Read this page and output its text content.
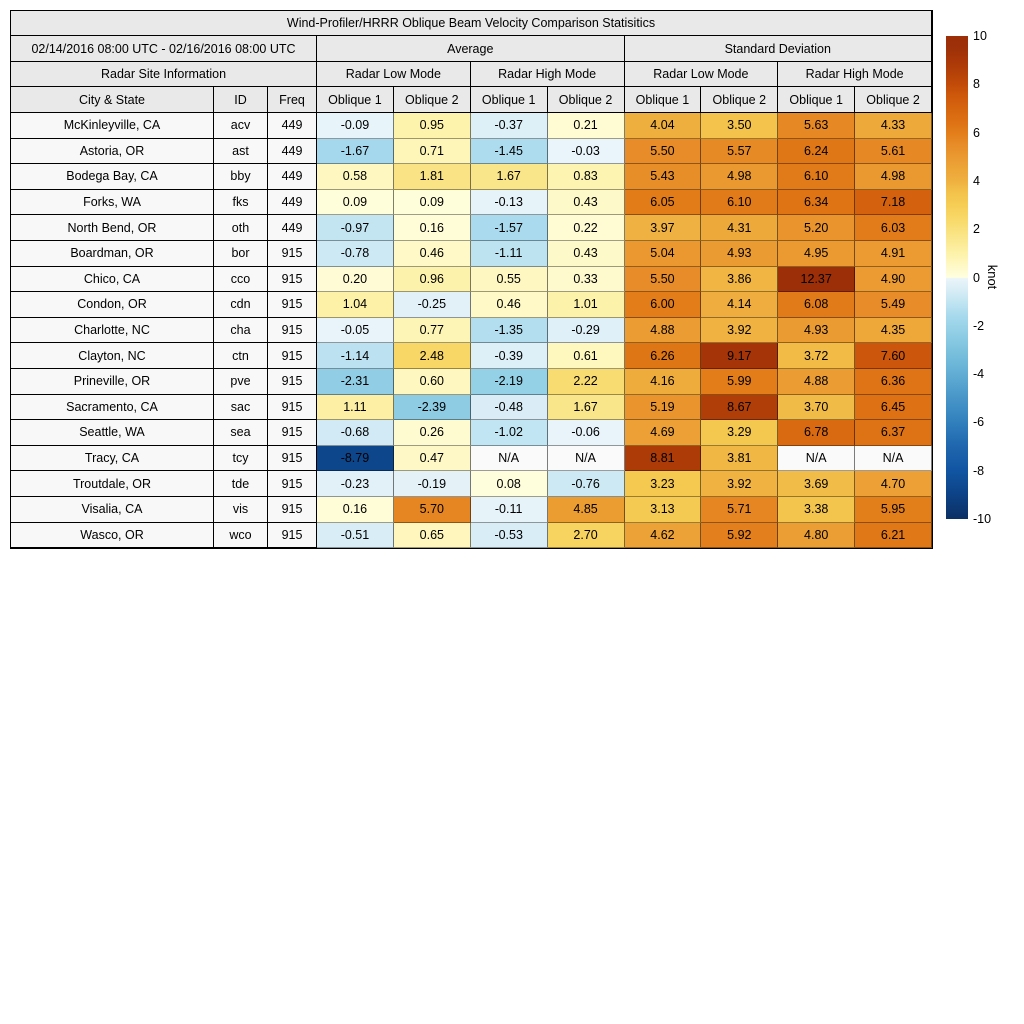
Wind-Profiler/HRRR Oblique Beam Velocity Comparison Statisitics
02/14/2016 08:00 UTC - 02/16/2016 08:00 UTC	Average	Standard Deviation
Radar Site Information	Radar Low Mode	Radar High Mode	Radar Low Mode	Radar High Mode
City & State	ID	Freq	Oblique 1	Oblique 2	Oblique 1	Oblique 2	Oblique 1	Oblique 2	Oblique 1	Oblique 2
McKinleyville, CA	acv	449	-0.09	0.95	-0.37	0.21	4.04	3.50	5.63	4.33
Astoria, OR	ast	449	-1.67	0.71	-1.45	-0.03	5.50	5.57	6.24	5.61
Bodega Bay, CA	bby	449	0.58	1.81	1.67	0.83	5.43	4.98	6.10	4.98
Forks, WA	fks	449	0.09	0.09	-0.13	0.43	6.05	6.10	6.34	7.18
North Bend, OR	oth	449	-0.97	0.16	-1.57	0.22	3.97	4.31	5.20	6.03
Boardman, OR	bor	915	-0.78	0.46	-1.11	0.43	5.04	4.93	4.95	4.91
Chico, CA	cco	915	0.20	0.96	0.55	0.33	5.50	3.86	12.37	4.90
Condon, OR	cdn	915	1.04	-0.25	0.46	1.01	6.00	4.14	6.08	5.49
Charlotte, NC	cha	915	-0.05	0.77	-1.35	-0.29	4.88	3.92	4.93	4.35
Clayton, NC	ctn	915	-1.14	2.48	-0.39	0.61	6.26	9.17	3.72	7.60
Prineville, OR	pve	915	-2.31	0.60	-2.19	2.22	4.16	5.99	4.88	6.36
Sacramento, CA	sac	915	1.11	-2.39	-0.48	1.67	5.19	8.67	3.70	6.45
Seattle, WA	sea	915	-0.68	0.26	-1.02	-0.06	4.69	3.29	6.78	6.37
Tracy, CA	tcy	915	-8.79	0.47	N/A	N/A	8.81	3.81	N/A	N/A
Troutdale, OR	tde	915	-0.23	-0.19	0.08	-0.76	3.23	3.92	3.69	4.70
Visalia, CA	vis	915	0.16	5.70	-0.11	4.85	3.13	5.71	3.38	5.95
Wasco, OR	wco	915	-0.51	0.65	-0.53	2.70	4.62	5.92	4.80	6.21
10
8
6
4
2
0
-2
-4
-6
-8
-10
knot
